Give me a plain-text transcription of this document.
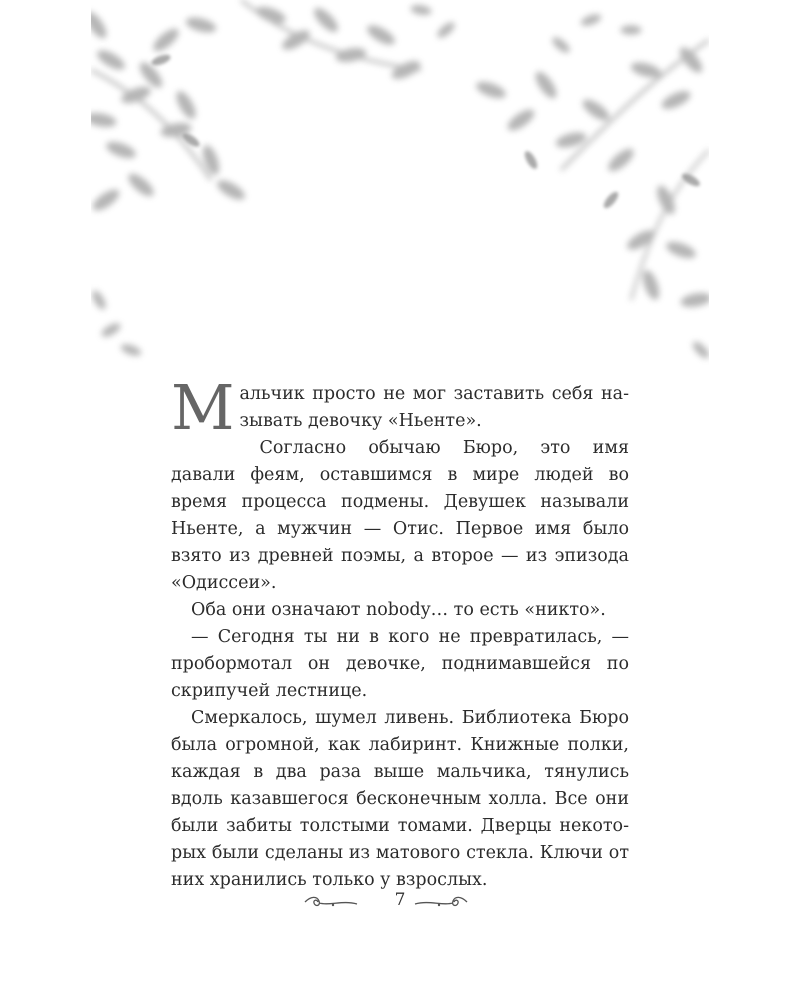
Мальчик просто не мог заставить себя называть девочку «Ньенте».

Согласно обычаю Бюро, это имя давали феям, оставшимся в мире людей во время процесса подмены. Девушек называли Ньенте, а мужчин — Отис. Первое имя было взято из древней поэмы, а второе — из эпизода «Одиссеи».

Оба они означают nobody… то есть «никто».

— Сегодня ты ни в кого не превратилась, — пробормотал он девочке, поднимавшейся по скрипучей лестнице.

Смеркалось, шумел ливень. Библиотека Бюро была огромной, как лабиринт. Книжные полки, каждая в два раза выше мальчика, тянулись вдоль казавшегося бесконечным холла. Все они были забиты толстыми томами. Дверцы некоторых были сделаны из матового стекла. Ключи от них хранились только у взрослых.

7
